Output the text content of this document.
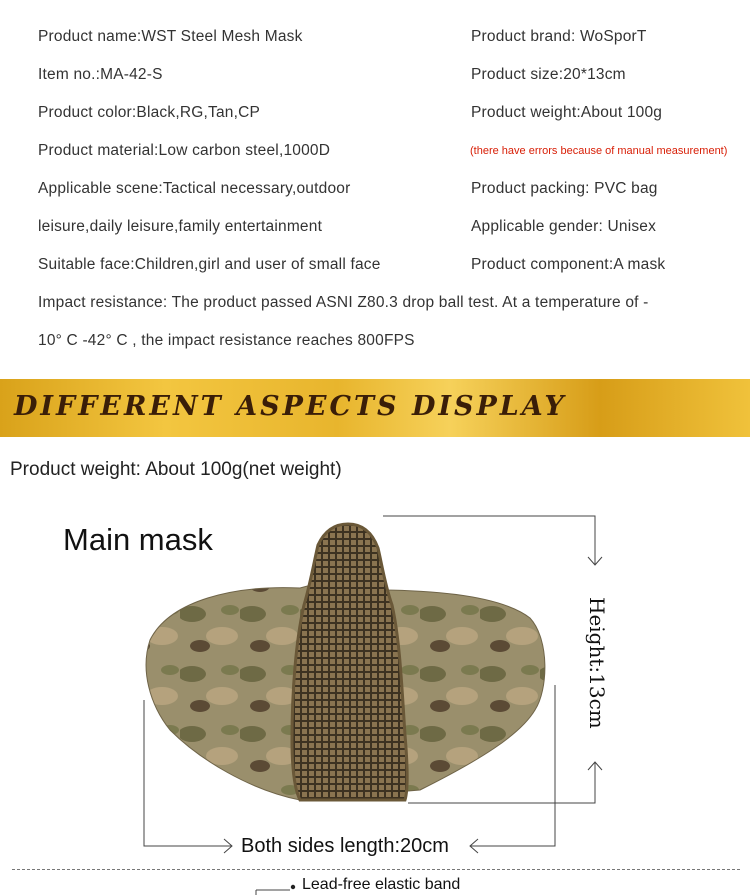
Product name:WST Steel Mesh Mask	Product brand: WoSporT
Item no.:MA-42-S	Product size:20*13cm
Product color:Black,RG,Tan,CP	Product weight:About 100g
Product material:Low carbon steel,1000D	(there have errors because of manual measurement)
Applicable scene:Tactical necessary,outdoor	Product packing: PVC bag
leisure,daily leisure,family entertainment	Applicable gender: Unisex
Suitable face:Children,girl and user of small face	Product component:A mask
Impact resistance: The product passed ASNI Z80.3 drop ball test. At a temperature of -
10° C -42° C , the impact resistance reaches 800FPS
DIFFERENT ASPECTS DISPLAY
Product weight: About 100g(net weight)
Main mask
Height:13cm
Both sides length:20cm
Lead-free elastic band
